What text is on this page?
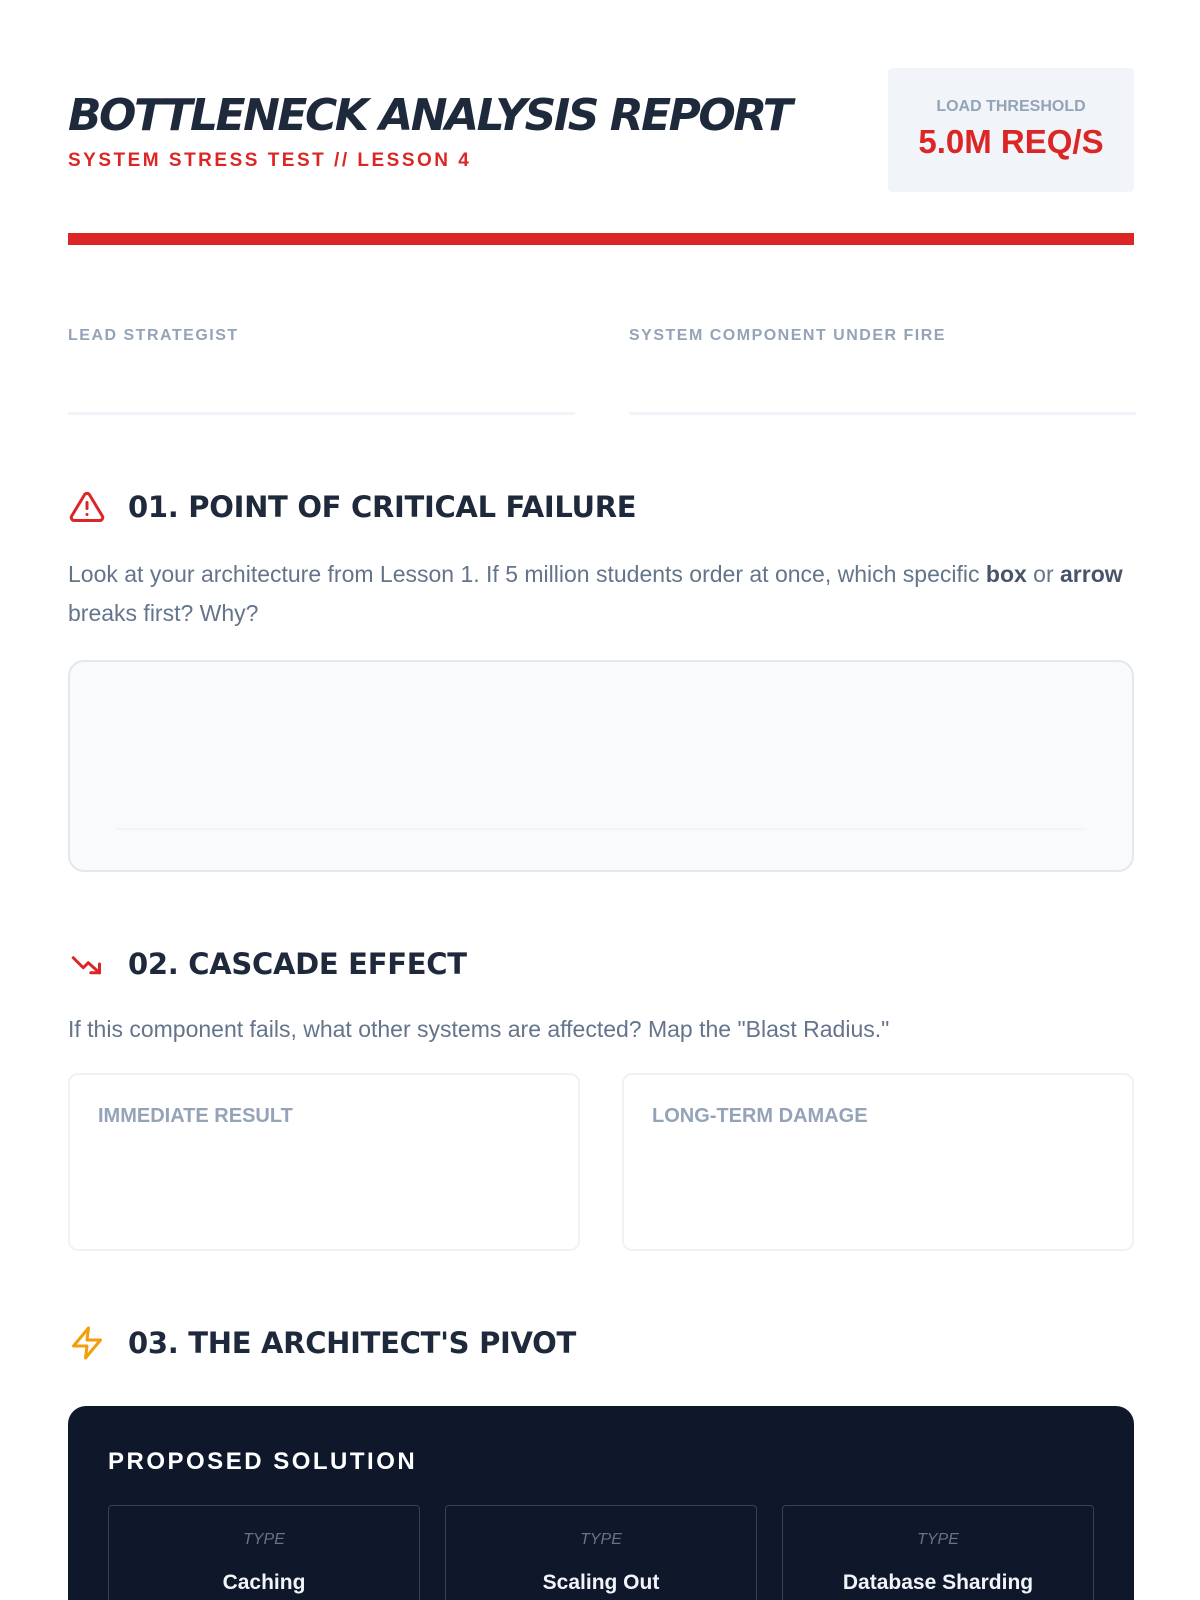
BOTTLENECK ANALYSIS REPORT
SYSTEM STRESS TEST // LESSON 4
LOAD THRESHOLD
5.0M REQ/S
LEAD STRATEGIST	SYSTEM COMPONENT UNDER FIRE
01. POINT OF CRITICAL FAILURE
Look at your architecture from Lesson 1. If 5 million students order at once, which specific box or arrow breaks first? Why?
02. CASCADE EFFECT
If this component fails, what other systems are affected? Map the "Blast Radius."
IMMEDIATE RESULT	LONG-TERM DAMAGE
03. THE ARCHITECT'S PIVOT
PROPOSED SOLUTION
TYPE
Caching
TYPE
Scaling Out
TYPE
Database Sharding
